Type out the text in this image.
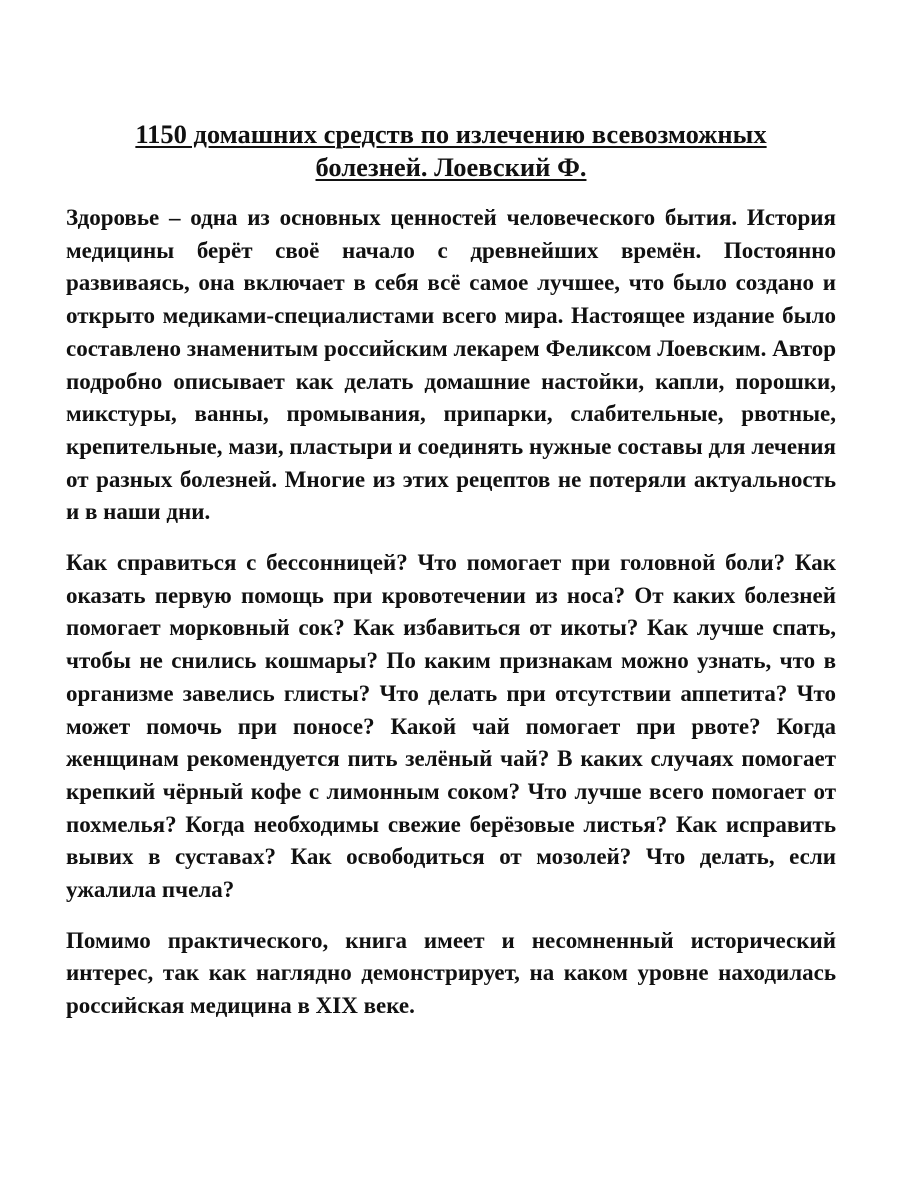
1150 домашних средств по излечению всевозможных болезней. Лоевский Ф.

Здоровье – одна из основных ценностей человеческого бытия. История медицины берёт своё начало с древнейших времён. Постоянно развиваясь, она включает в себя всё самое лучшее, что было создано и открыто медиками-специалистами всего мира. Настоящее издание было составлено знаменитым российским лекарем Феликсом Лоевским. Автор подробно описывает как делать домашние настойки, капли, порошки, микстуры, ванны, промывания, припарки, слабительные, рвотные, крепительные, мази, пластыри и соединять нужные составы для лечения от разных болезней. Многие из этих рецептов не потеряли актуальность и в наши дни.

Как справиться с бессонницей? Что помогает при головной боли? Как оказать первую помощь при кровотечении из носа? От каких болезней помогает морковный сок? Как избавиться от икоты? Как лучше спать, чтобы не снились кошмары? По каким признакам можно узнать, что в организме завелись глисты? Что делать при отсутствии аппетита? Что может помочь при поносе? Какой чай помогает при рвоте? Когда женщинам рекомендуется пить зелёный чай? В каких случаях помогает крепкий чёрный кофе с лимонным соком? Что лучше всего помогает от похмелья? Когда необходимы свежие берёзовые листья? Как исправить вывих в суставах? Как освободиться от мозолей? Что делать, если ужалила пчела?

Помимо практического, книга имеет и несомненный исторический интерес, так как наглядно демонстрирует, на каком уровне находилась российская медицина в XIX веке.
